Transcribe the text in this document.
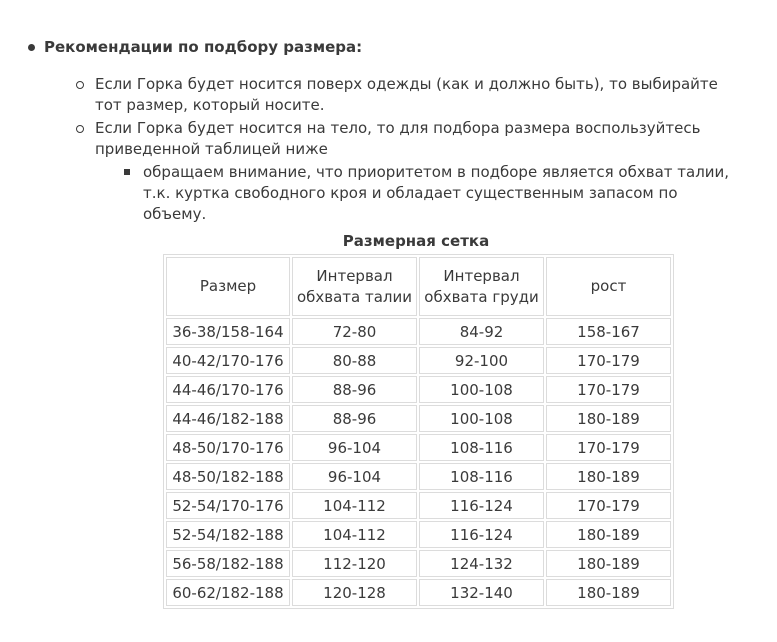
Рекомендации по подбору размера:
Если Горка будет носится поверх одежды (как и должно быть), то выбирайте тот размер, который носите.
Если Горка будет носится на тело, то для подбора размера воспользуйтесь приведенной таблицей ниже
обращаем внимание, что приоритетом в подборе является обхват талии, т.к. куртка свободного кроя и обладает существенным запасом по объему.
Размерная сетка
Размер	Интервал обхвата талии	Интервал обхвата груди	рост
36-38/158-164	72-80	84-92	158-167
40-42/170-176	80-88	92-100	170-179
44-46/170-176	88-96	100-108	170-179
44-46/182-188	88-96	100-108	180-189
48-50/170-176	96-104	108-116	170-179
48-50/182-188	96-104	108-116	180-189
52-54/170-176	104-112	116-124	170-179
52-54/182-188	104-112	116-124	180-189
56-58/182-188	112-120	124-132	180-189
60-62/182-188	120-128	132-140	180-189
